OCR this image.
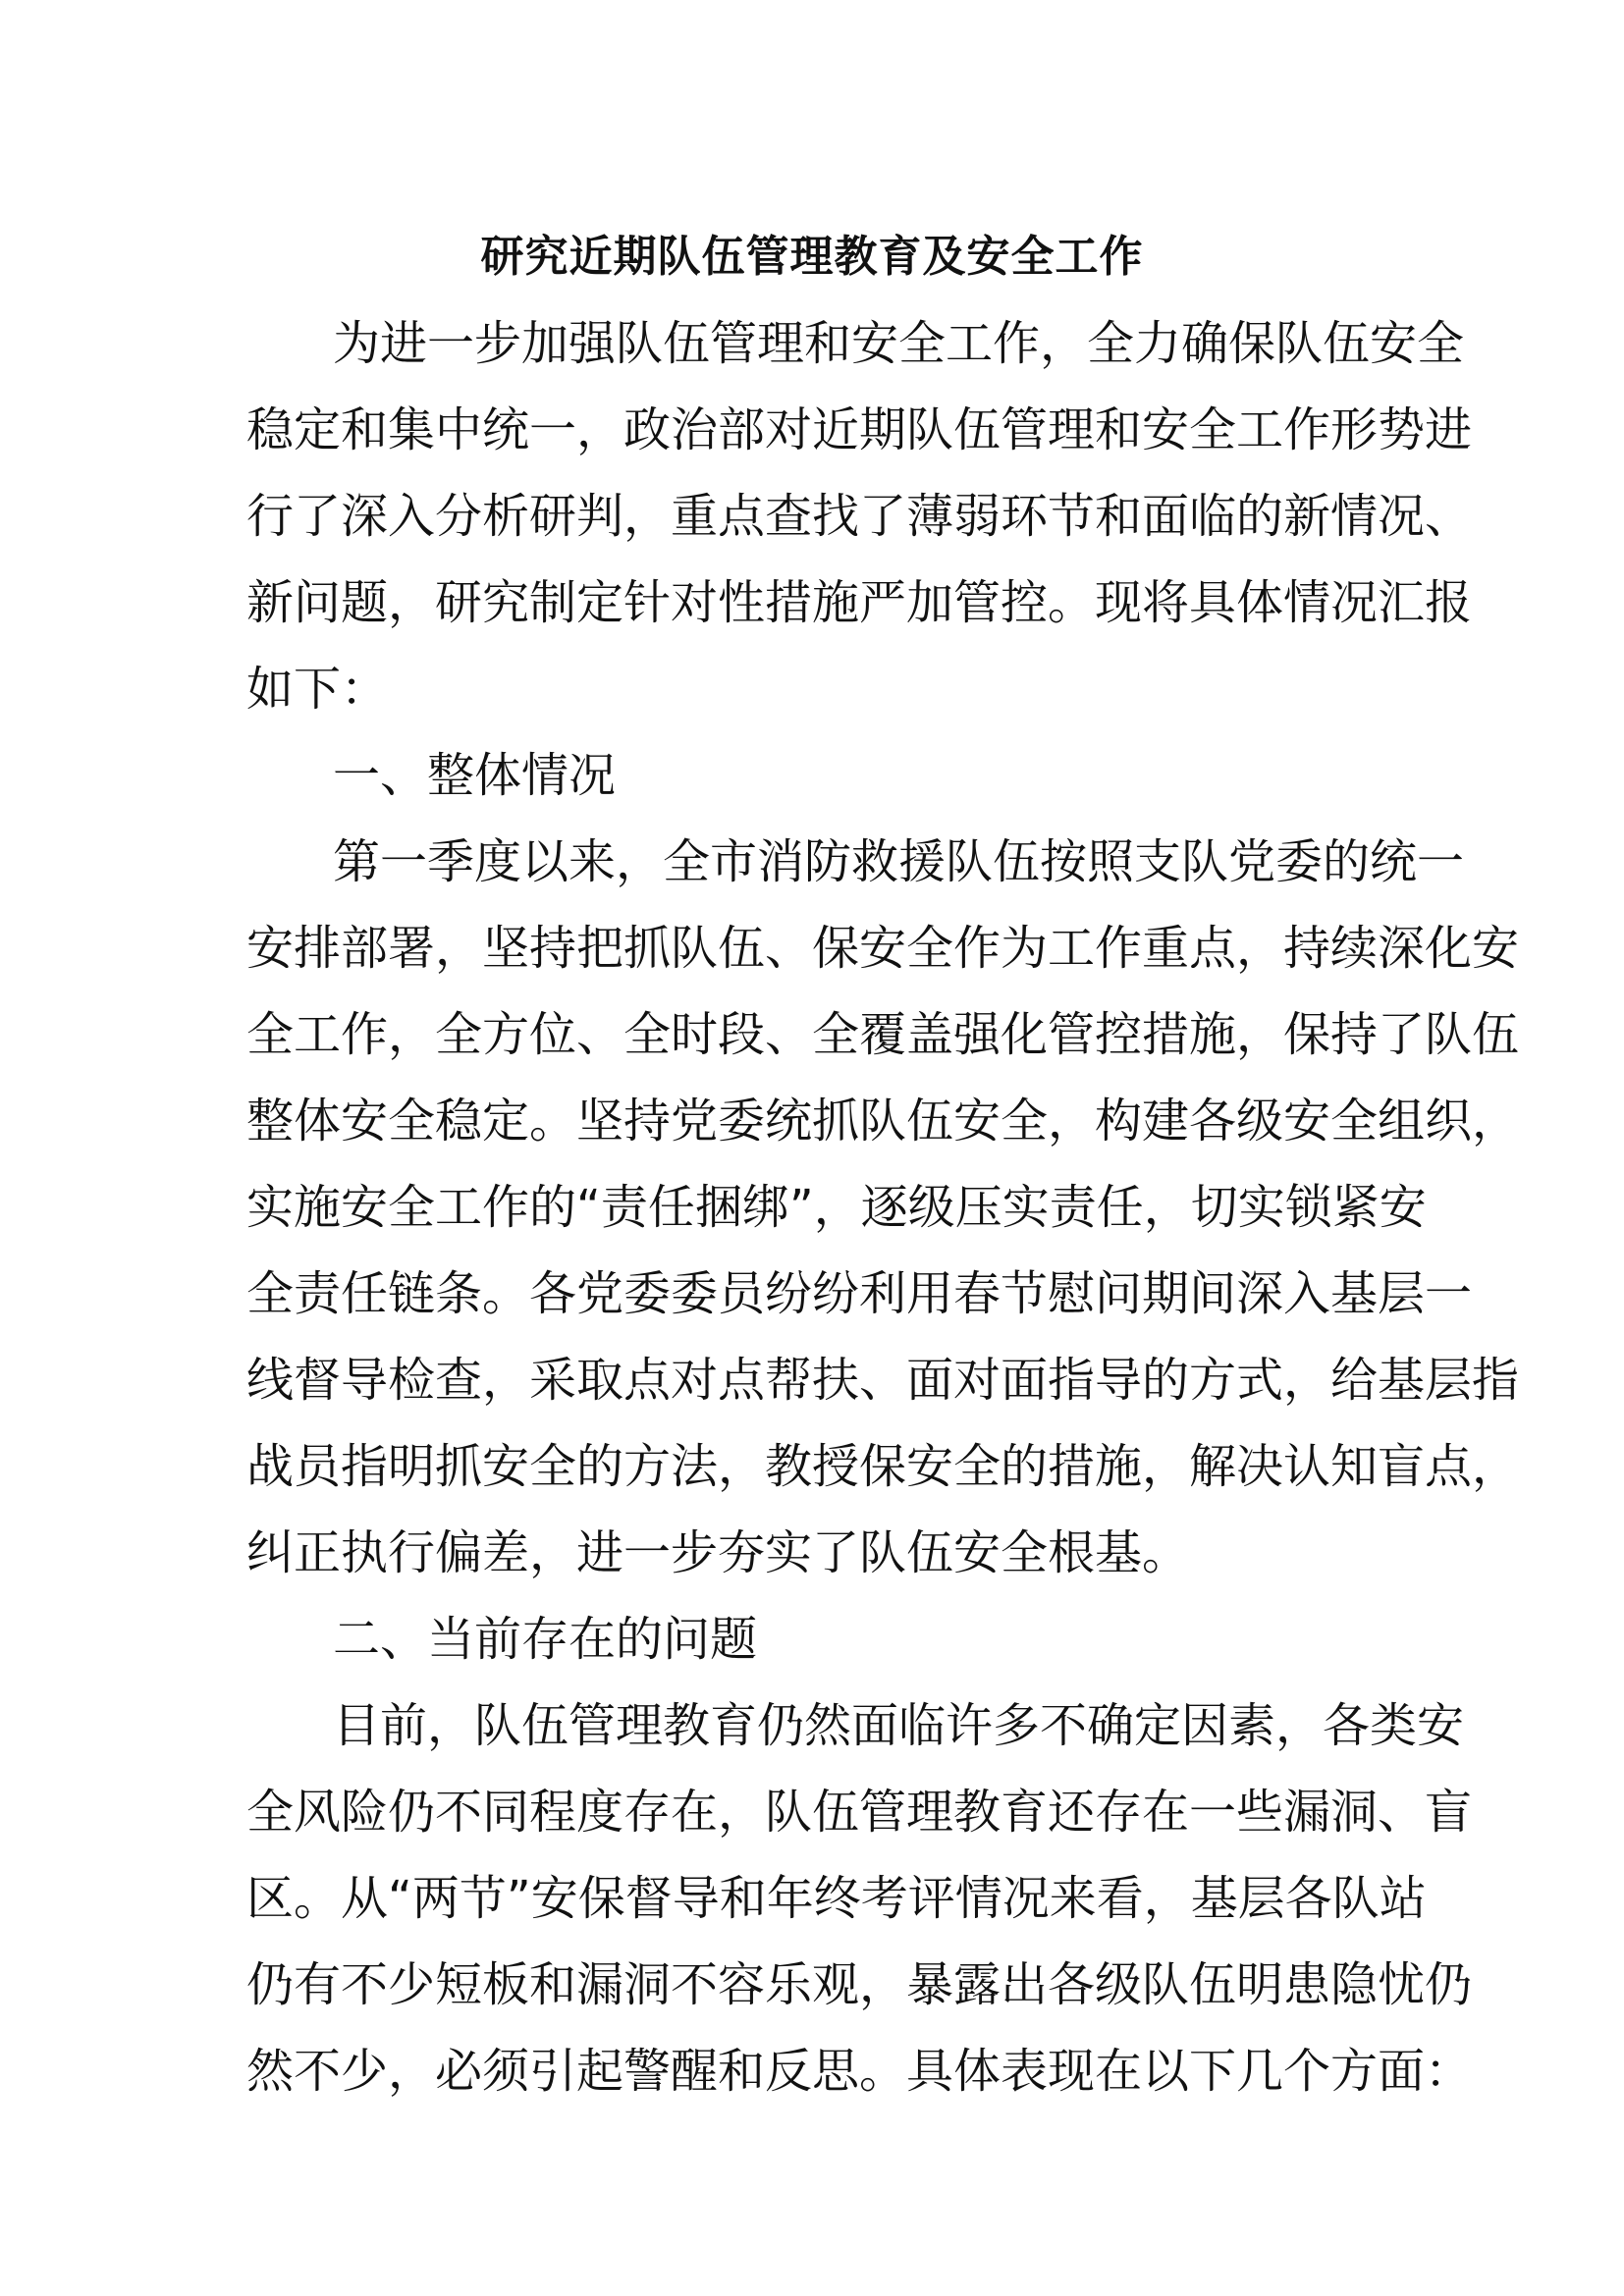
研究近期队伍管理教育及安全工作
为进一步加强队伍管理和安全工作，全力确保队伍安全
稳定和集中统一，政治部对近期队伍管理和安全工作形势进
行了深入分析研判，重点查找了薄弱环节和面临的新情况、
新问题，研究制定针对性措施严加管控。现将具体情况汇报
如下：
一、整体情况
第一季度以来，全市消防救援队伍按照支队党委的统一
安排部署，坚持把抓队伍、保安全作为工作重点，持续深化安
全工作，全方位、全时段、全覆盖强化管控措施，保持了队伍
整体安全稳定。坚持党委统抓队伍安全，构建各级安全组织，
实施安全工作的“责任捆绑”，逐级压实责任，切实锁紧安
全责任链条。各党委委员纷纷利用春节慰问期间深入基层一
线督导检查，采取点对点帮扶、面对面指导的方式，给基层指
战员指明抓安全的方法，教授保安全的措施，解决认知盲点，
纠正执行偏差，进一步夯实了队伍安全根基。
二、当前存在的问题
目前，队伍管理教育仍然面临许多不确定因素，各类安
全风险仍不同程度存在，队伍管理教育还存在一些漏洞、盲
区。从“两节”安保督导和年终考评情况来看，基层各队站
仍有不少短板和漏洞不容乐观，暴露出各级队伍明患隐忧仍
然不少，必须引起警醒和反思。具体表现在以下几个方面：
